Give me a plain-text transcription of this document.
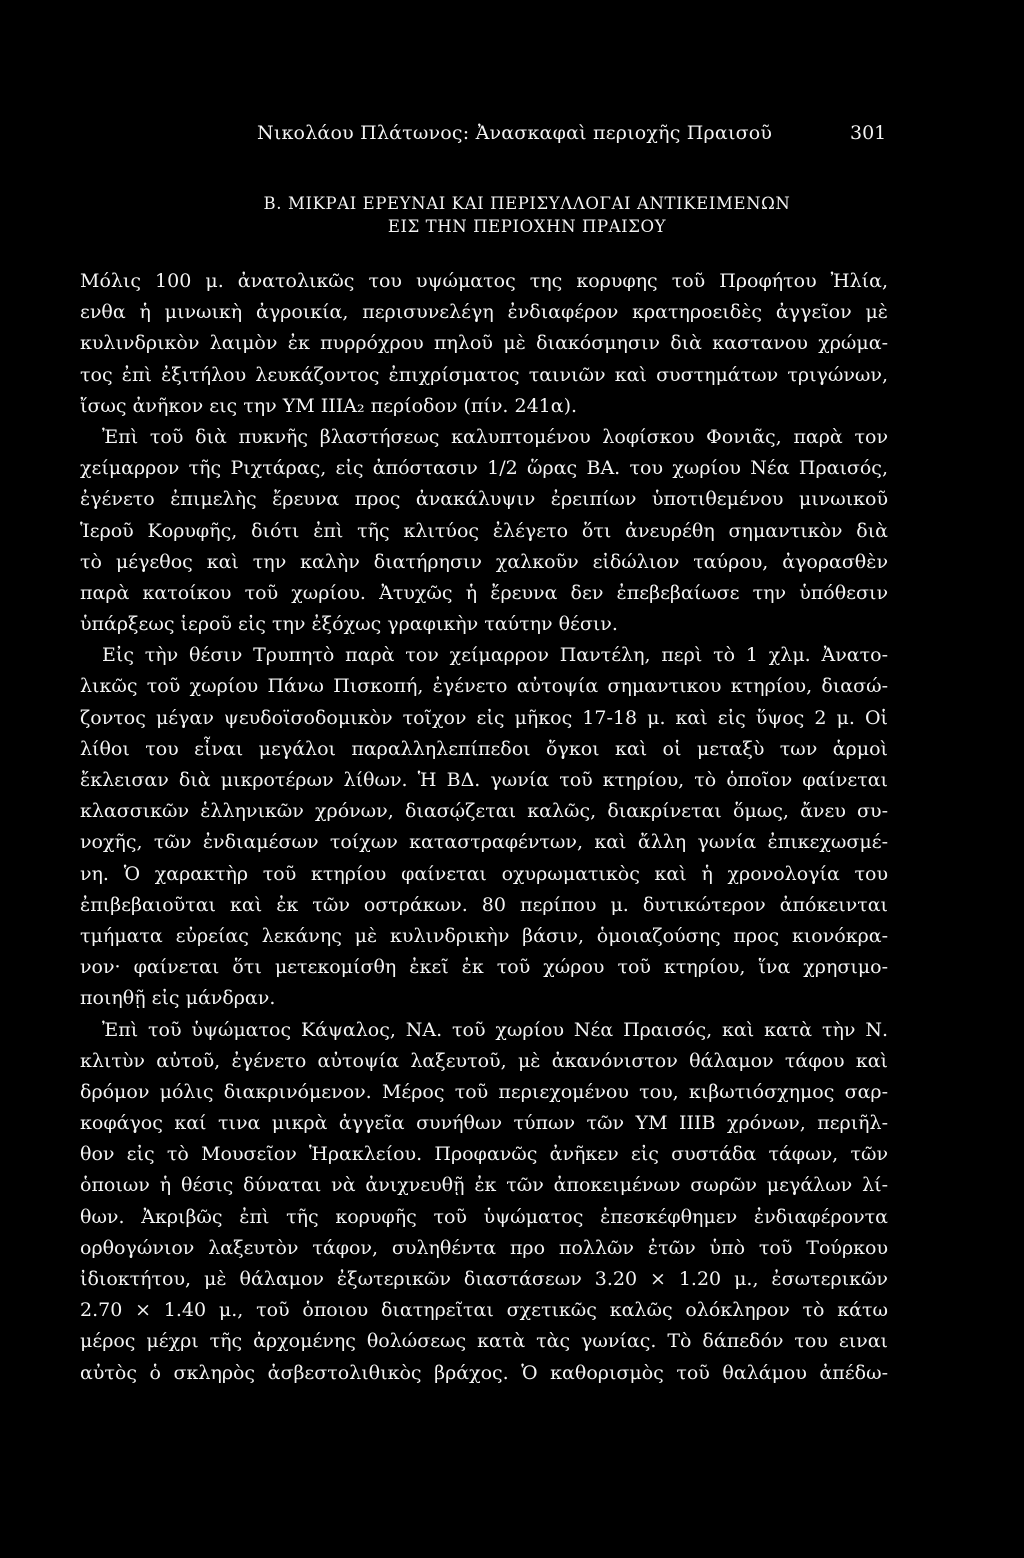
Νικολάου Πλάτωνος: Ἀνασκαφαὶ περιοχῆς Πραισοῦ	301
Β. ΜΙΚΡΑΙ ΕΡΕΥΝΑΙ ΚΑΙ ΠΕΡΙΣΥΛΛΟΓΑΙ ΑΝΤΙΚΕΙΜΕΝΩΝ
ΕΙΣ ΤΗΝ ΠΕΡΙΟΧΗΝ ΠΡΑΙΣΟΥ
Μόλις 100 μ. ἀνατολικῶς του υψώματος της κορυφης τοῦ Προφήτου Ἠλία,
ενθα ἡ μινωικὴ ἀγροικία, περισυνελέγη ἐνδιαφέρον κρατηροειδὲς ἀγγεῖον μὲ
κυλινδρικὸν λαιμὸν ἐκ πυρρόχρου πηλοῦ μὲ διακόσμησιν διὰ καστανου χρώμα-
τος ἐπὶ ἐξιτήλου λευκάζοντος ἐπιχρίσματος ταινιῶν καὶ συστημάτων τριγώνων,
ἴσως ἀνῆκον εις την ΥΜ ΙΙΙΑ₂ περίοδον (πίν. 241α).
Ἐπὶ τοῦ διὰ πυκνῆς βλαστήσεως καλυπτομένου λοφίσκου Φονιᾶς, παρὰ τον
χείμαρρον τῆς Ριχτάρας, εἰς ἀπόστασιν 1/2 ὥρας ΒΑ. του χωρίου Νέα Πραισός,
ἐγένετο ἐπιμελὴς ἔρευνα προς ἀνακάλυψιν ἐρειπίων ὑποτιθεμένου μινωικοῦ
Ἱεροῦ Κορυφῆς, διότι ἐπὶ τῆς κλιτύος ἐλέγετο ὅτι ἀνευρέθη σημαντικὸν διὰ
τὸ μέγεθος καὶ την καλὴν διατήρησιν χαλκοῦν εἰδώλιον ταύρου, ἀγορασθὲν
παρὰ κατοίκου τοῦ χωρίου. Ἀτυχῶς ἡ ἔρευνα δεν ἐπεβεβαίωσε την ὑπόθεσιν
ὑπάρξεως ἱεροῦ εἰς την ἐξόχως γραφικὴν ταύτην θέσιν.
Εἰς τὴν θέσιν Τρυπητὸ παρὰ τον χείμαρρον Παντέλη, περὶ τὸ 1 χλμ. Ἀνατο-
λικῶς τοῦ χωρίου Πάνω Πισκοπή, ἐγένετο αὐτοψία σημαντικου κτηρίου, διασώ-
ζοντος μέγαν ψευδοϊσοδομικὸν τοῖχον εἰς μῆκος 17-18 μ. καὶ εἰς ὕψος 2 μ. Οἱ
λίθοι του εἶναι μεγάλοι παραλληλεπίπεδοι ὄγκοι καὶ οἱ μεταξὺ των ἁρμοὶ
ἔκλεισαν διὰ μικροτέρων λίθων. Ἡ ΒΔ. γωνία τοῦ κτηρίου, τὸ ὁποῖον φαίνεται
κλασσικῶν ἑλληνικῶν χρόνων, διασῴζεται καλῶς, διακρίνεται ὅμως, ἄνευ συ-
νοχῆς, τῶν ἐνδιαμέσων τοίχων καταστραφέντων, καὶ ἄλλη γωνία ἐπικεχωσμέ-
νη. Ὁ χαρακτὴρ τοῦ κτηρίου φαίνεται οχυρωματικὸς καὶ ἡ χρονολογία του
ἐπιβεβαιοῦται καὶ ἐκ τῶν οστράκων. 80 περίπου μ. δυτικώτερον ἀπόκεινται
τμήματα εὐρείας λεκάνης μὲ κυλινδρικὴν βάσιν, ὁμοιαζούσης προς κιονόκρα-
νον· φαίνεται ὅτι μετεκομίσθη ἐκεῖ ἐκ τοῦ χώρου τοῦ κτηρίου, ἵνα χρησιμο-
ποιηθῇ εἰς μάνδραν.
Ἐπὶ τοῦ ὑψώματος Κάψαλος, ΝΑ. τοῦ χωρίου Νέα Πραισός, καὶ κατὰ τὴν Ν.
κλιτὺν αὐτοῦ, ἐγένετο αὐτοψία λαξευτοῦ, μὲ ἀκανόνιστον θάλαμον τάφου καὶ
δρόμον μόλις διακρινόμενον. Μέρος τοῦ περιεχομένου του, κιβωτιόσχημος σαρ-
κοφάγος καί τινα μικρὰ ἀγγεῖα συνήθων τύπων τῶν ΥΜ ΙΙΙΒ χρόνων, περιῆλ-
θον εἰς τὸ Μουσεῖον Ἡρακλείου. Προφανῶς ἀνῆκεν εἰς συστάδα τάφων, τῶν
ὁποιων ἡ θέσις δύναται νὰ ἀνιχνευθῇ ἐκ τῶν ἀποκειμένων σωρῶν μεγάλων λί-
θων. Ἀκριβῶς ἐπὶ τῆς κορυφῆς τοῦ ὑψώματος ἐπεσκέφθημεν ἐνδιαφέροντα
ορθογώνιον λαξευτὸν τάφον, συληθέντα προ πολλῶν ἐτῶν ὑπὸ τοῦ Τούρκου
ἰδιοκτήτου, μὲ θάλαμον ἐξωτερικῶν διαστάσεων 3.20 × 1.20 μ., ἐσωτερικῶν
2.70 × 1.40 μ., τοῦ ὁποιου διατηρεῖται σχετικῶς καλῶς ολόκληρον τὸ κάτω
μέρος μέχρι τῆς ἀρχομένης θολώσεως κατὰ τὰς γωνίας. Τὸ δάπεδόν του ειναι
αὐτὸς ὁ σκληρὸς ἀσβεστολιθικὸς βράχος. Ὁ καθορισμὸς τοῦ θαλάμου ἀπέδω-
